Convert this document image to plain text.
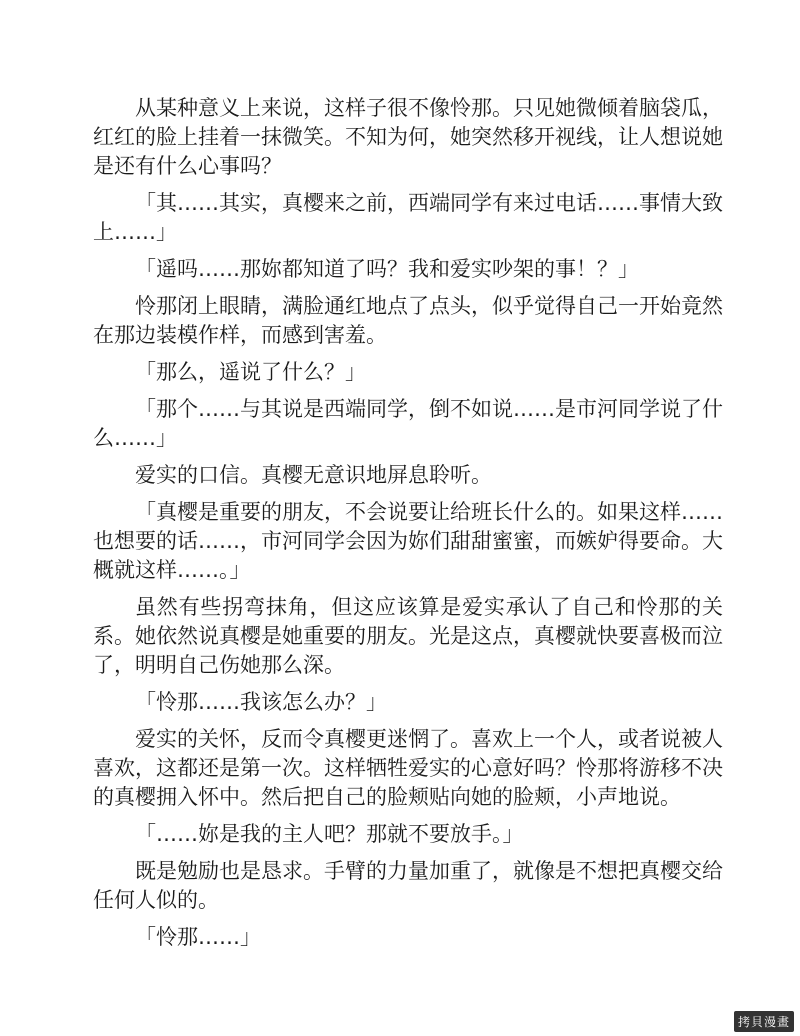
从某种意义上来说，这样子很不像怜那。只见她微倾着脑袋瓜，红红的脸上挂着一抹微笑。不知为何，她突然移开视线，让人想说她是还有什么心事吗？

「其……其实，真樱来之前，西端同学有来过电话……事情大致上……」

「遥吗……那妳都知道了吗？我和爱实吵架的事！？」

怜那闭上眼睛，满脸通红地点了点头，似乎觉得自己一开始竟然在那边装模作样，而感到害羞。

「那么，遥说了什么？」

「那个……与其说是西端同学，倒不如说……是市河同学说了什么……」

爱实的口信。真樱无意识地屏息聆听。

「真樱是重要的朋友，不会说要让给班长什么的。如果这样……也想要的话……，市河同学会因为妳们甜甜蜜蜜，而嫉妒得要命。大概就这样……。」

虽然有些拐弯抹角，但这应该算是爱实承认了自己和怜那的关系。她依然说真樱是她重要的朋友。光是这点，真樱就快要喜极而泣了，明明自己伤她那么深。

「怜那……我该怎么办？」

爱实的关怀，反而令真樱更迷惘了。喜欢上一个人，或者说被人喜欢，这都还是第一次。这样牺牲爱实的心意好吗？怜那将游移不决的真樱拥入怀中。然后把自己的脸颊贴向她的脸颊，小声地说。

「……妳是我的主人吧？那就不要放手。」

既是勉励也是恳求。手臂的力量加重了，就像是不想把真樱交给任何人似的。

「怜那……」

拷貝漫畫
